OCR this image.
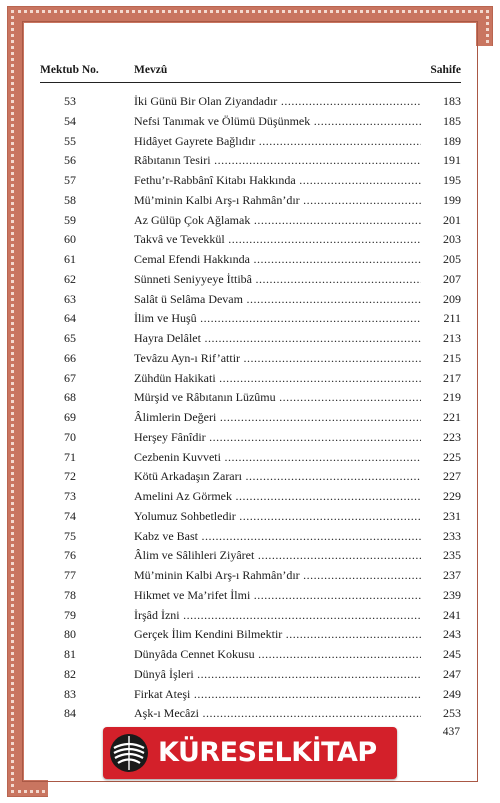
Mektub No.	Mevzû	Sahife
53	İki Günü Bir Olan Ziyandadır .....	183
54	Nefsi Tanımak ve Ölümü Düşünmek .....	185
55	Hidâyet Gayrete Bağlıdır .....	189
56	Râbıtanın Tesiri .....	191
57	Fethu’r-Rabbânî Kitabı Hakkında .....	195
58	Mü’minin Kalbi Arş-ı Rahmân’dır .....	199
59	Az Gülüp Çok Ağlamak .....	201
60	Takvâ ve Tevekkül .....	203
61	Cemal Efendi Hakkında .....	205
62	Sünneti Seniyyeye İttibâ .....	207
63	Salât ü Selâma Devam .....	209
64	İlim ve Huşû .....	211
65	Hayra Delâlet .....	213
66	Tevâzu Ayn-ı Rif’attir .....	215
67	Zühdün Hakikati .....	217
68	Mürşid ve Râbıtanın Lüzûmu .....	219
69	Âlimlerin Değeri .....	221
70	Herşey Fânîdir .....	223
71	Cezbenin Kuvveti .....	225
72	Kötü Arkadaşın Zararı .....	227
73	Amelini Az Görmek .....	229
74	Yolumuz Sohbetledir .....	231
75	Kabz ve Bast .....	233
76	Âlim ve Sâlihleri Ziyâret .....	235
77	Mü’minin Kalbi Arş-ı Rahmân’dır .....	237
78	Hikmet ve Ma’rifet İlmi .....	239
79	İrşâd İzni .....	241
80	Gerçek İlim Kendini Bilmektir .....	243
81	Dünyâda Cennet Kokusu .....	245
82	Dünyâ İşleri .....	247
83	Firkat Ateşi .....	249
84	Aşk-ı Mecâzi .....	253
437
KÜRESELKİTAP
